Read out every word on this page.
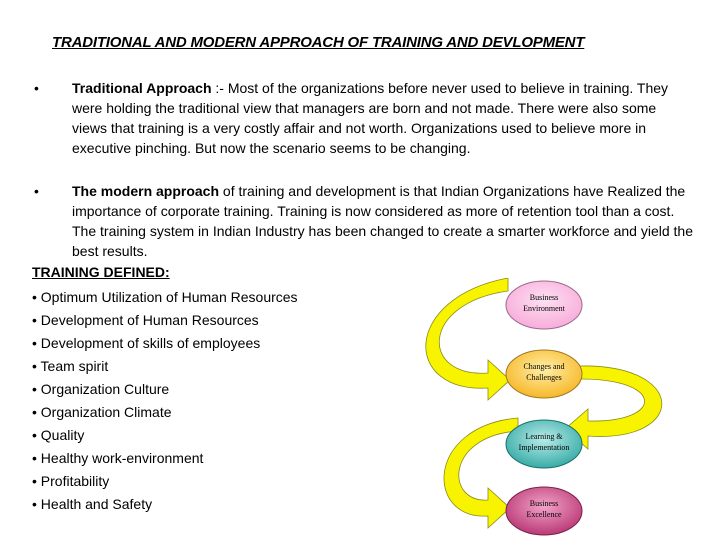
TRADITIONAL AND MODERN APPROACH OF TRAINING AND DEVLOPMENT
• Traditional Approach :- Most of the organizations before never used to believe in training. They were holding the traditional view that managers are born and not made. There were also some views that training is a very costly affair and not worth. Organizations used to believe more in executive pinching. But now the scenario seems to be changing.
• The modern approach of training and development is that Indian Organizations have Realized the importance of corporate training. Training is now considered as more of retention tool than a cost. The training system in Indian Industry has been changed to create a smarter workforce and yield the best results.
TRAINING DEFINED:
• Optimum Utilization of Human Resources
• Development of Human Resources
• Development of skills of employees
• Team spirit
• Organization Culture
• Organization Climate
• Quality
• Healthy work-environment
• Profitability
• Health and Safety
Business
Environment
Changes and
Challenges
Learning &
Implementation
Business
Excellence
